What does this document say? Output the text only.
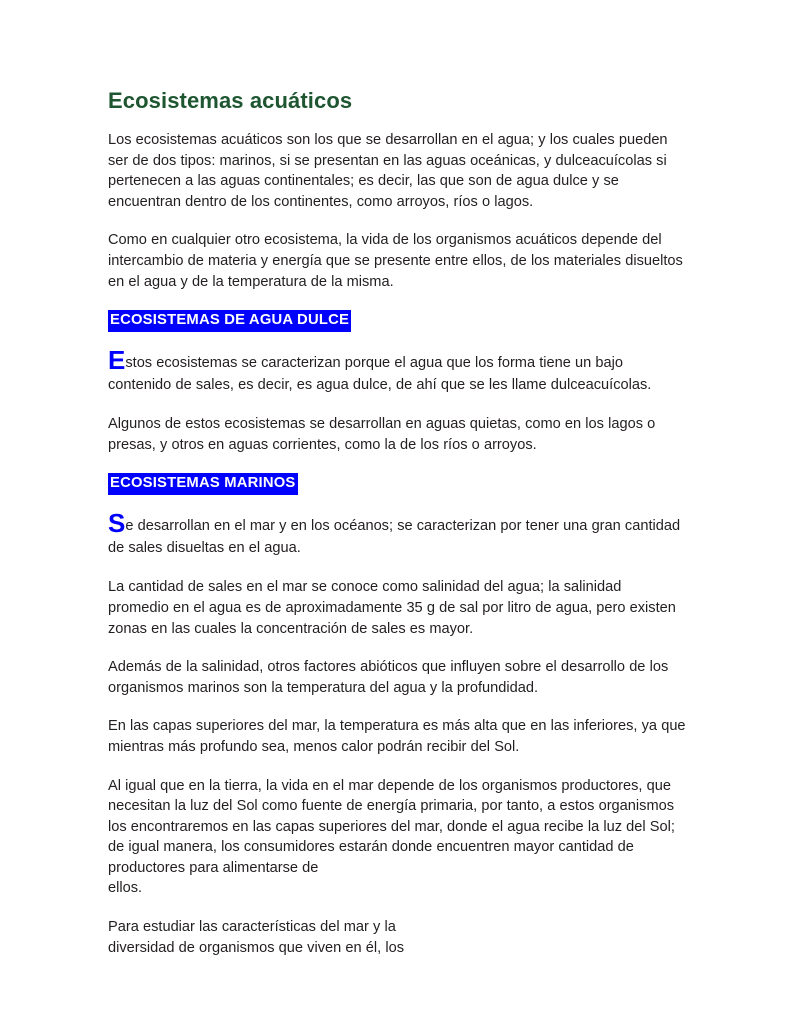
Ecosistemas acuáticos

Los ecosistemas acuáticos son los que se desarrollan en el agua; y los cuales pueden ser de dos tipos: marinos, si se presentan en las aguas oceánicas, y dulceacuícolas si pertenecen a las aguas continentales; es decir, las que son de agua dulce y se encuentran dentro de los continentes, como arroyos, ríos o lagos.

Como en cualquier otro ecosistema, la vida de los organismos acuáticos depende del intercambio de materia y energía que se presente entre ellos, de los materiales disueltos en el agua y de la temperatura de la misma.

ECOSISTEMAS DE AGUA DULCE

Estos ecosistemas se caracterizan porque el agua que los forma tiene un bajo contenido de sales, es decir, es agua dulce, de ahí que se les llame dulceacuícolas.

Algunos de estos ecosistemas se desarrollan en aguas quietas, como en los lagos o presas, y otros en aguas corrientes, como la de los ríos o arroyos.

ECOSISTEMAS MARINOS

Se desarrollan en el mar y en los océanos; se caracterizan por tener una gran cantidad de sales disueltas en el agua.

La cantidad de sales en el mar se conoce como salinidad del agua; la salinidad promedio en el agua es de aproximadamente 35 g de sal por litro de agua, pero existen zonas en las cuales la concentración de sales es mayor.

Además de la salinidad, otros factores abióticos que influyen sobre el desarrollo de los organismos marinos son la temperatura del agua y la profundidad.

En las capas superiores del mar, la temperatura es más alta que en las inferiores, ya que mientras más profundo sea, menos calor podrán recibir del Sol.

Al igual que en la tierra, la vida en el mar depende de los organismos productores, que necesitan la luz del Sol como fuente de energía primaria, por tanto, a estos organismos los encontraremos en las capas superiores del mar, donde el agua recibe la luz del Sol; de igual manera, los consumidores estarán donde encuentren mayor cantidad de productores para alimentarse de
ellos.

Para estudiar las características del mar y la
diversidad de organismos que viven en él, los
